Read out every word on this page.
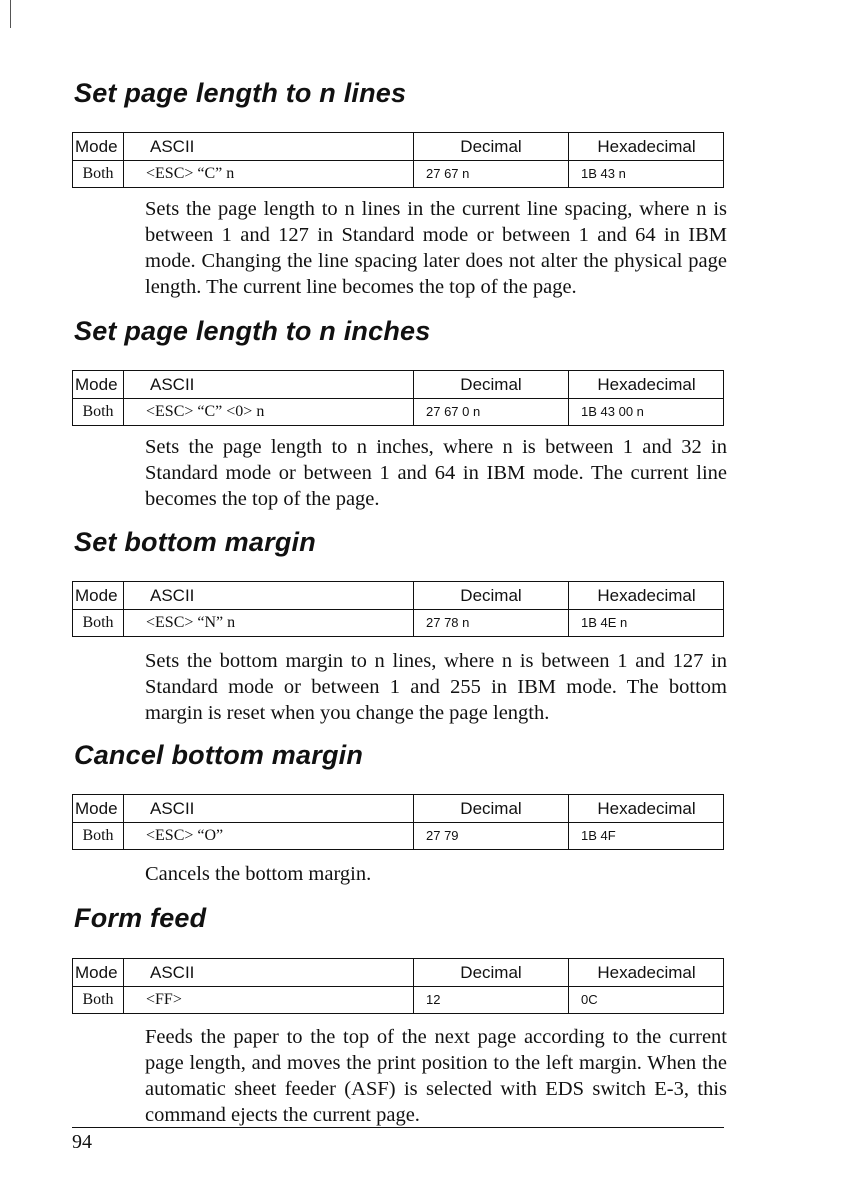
Set page length to n lines
Mode	ASCII	Decimal	Hexadecimal
Both	<ESC> “C” n	27 67 n	1B 43 n

Sets the page length to n lines in the current line spacing, where n is between 1 and 127 in Standard mode or between 1 and 64 in IBM mode. Changing the line spacing later does not alter the physical page length. The current line becomes the top of the page.

Set page length to n inches
Mode	ASCII	Decimal	Hexadecimal
Both	<ESC> “C” <0> n	27 67 0 n	1B 43 00 n

Sets the page length to n inches, where n is between 1 and 32 in Standard mode or between 1 and 64 in IBM mode. The current line becomes the top of the page.

Set bottom margin
Mode	ASCII	Decimal	Hexadecimal
Both	<ESC> “N” n	27 78 n	1B 4E n

Sets the bottom margin to n lines, where n is between 1 and 127 in Standard mode or between 1 and 255 in IBM mode. The bottom margin is reset when you change the page length.

Cancel bottom margin
Mode	ASCII	Decimal	Hexadecimal
Both	<ESC> “O”	27 79	1B 4F

Cancels the bottom margin.

Form feed
Mode	ASCII	Decimal	Hexadecimal
Both	<FF>	12	0C

Feeds the paper to the top of the next page according to the current page length, and moves the print position to the left margin. When the automatic sheet feeder (ASF) is selected with EDS switch E-3, this command ejects the current page.

94
